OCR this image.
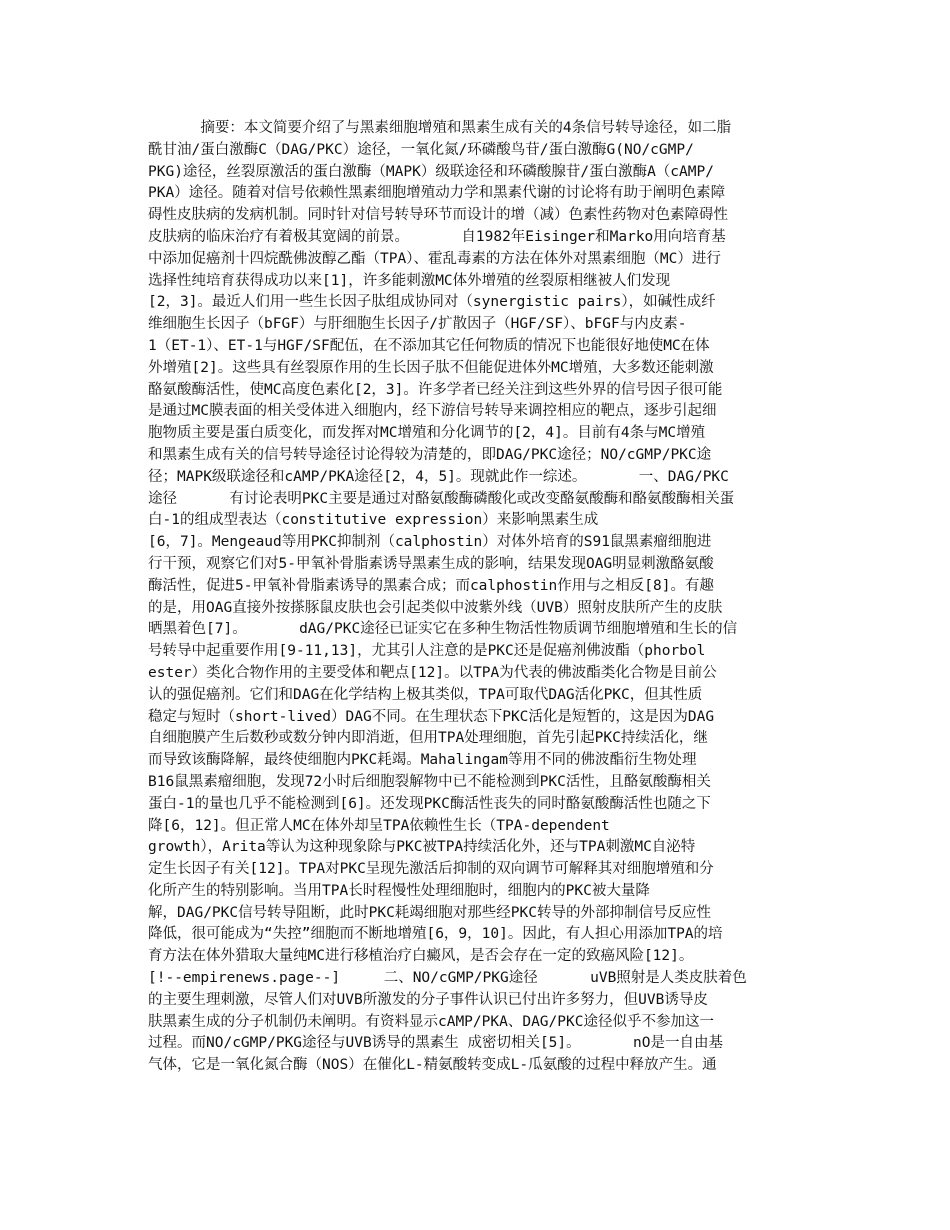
摘要：本文简要介绍了与黑素细胞增殖和黑素生成有关的4条信号转导途径，如二脂
酰甘油/蛋白激酶C（DAG/PKC）途径，一氧化氮/环磷酸鸟苷/蛋白激酶G(NO/cGMP/
PKG)途径，丝裂原激活的蛋白激酶（MAPK）级联途径和环磷酸腺苷/蛋白激酶A（cAMP/
PKA）途径。随着对信号依赖性黑素细胞增殖动力学和黑素代谢的讨论将有助于阐明色素障
碍性皮肤病的发病机制。同时针对信号转导环节而设计的增（减）色素性药物对色素障碍性
皮肤病的临床治疗有着极其宽阔的前景。      自1982年Eisinger和Marko用向培育基
中添加促癌剂十四烷酰佛波醇乙酯（TPA）、霍乱毒素的方法在体外对黑素细胞（MC）进行
选择性纯培育获得成功以来[1]，许多能刺激MC体外增殖的丝裂原相继被人们发现
[2，3]。最近人们用一些生长因子肽组成协同对（synergistic pairs），如碱性成纤
维细胞生长因子（bFGF）与肝细胞生长因子/扩散因子（HGF/SF）、bFGF与内皮素-
1（ET-1）、ET-1与HGF/SF配伍，在不添加其它任何物质的情况下也能很好地使MC在体
外增殖[2]。这些具有丝裂原作用的生长因子肽不但能促进体外MC增殖，大多数还能刺激
酪氨酸酶活性，使MC高度色素化[2，3]。许多学者已经关注到这些外界的信号因子很可能
是通过MC膜表面的相关受体进入细胞内，经下游信号转导来调控相应的靶点，逐步引起细
胞物质主要是蛋白质变化，而发挥对MC增殖和分化调节的[2，4]。目前有4条与MC增殖
和黑素生成有关的信号转导途径讨论得较为清楚的，即DAG/PKC途径；NO/cGMP/PKC途
径；MAPK级联途径和cAMP/PKA途径[2，4，5]。现就此作一综述。      一、DAG/PKC
途径      有讨论表明PKC主要是通过对酪氨酸酶磷酸化或改变酪氨酸酶和酪氨酸酶相关蛋
白-1的组成型表达（constitutive expression）来影响黑素生成
[6，7]。Mengeaud等用PKC抑制剂（calphostin）对体外培育的S91鼠黑素瘤细胞进
行干预，观察它们对5-甲氧补骨脂素诱导黑素生成的影响，结果发现OAG明显刺激酪氨酸
酶活性，促进5-甲氧补骨脂素诱导的黑素合成；而calphostin作用与之相反[8]。有趣
的是，用OAG直接外按搽豚鼠皮肤也会引起类似中波紫外线（UVB）照射皮肤所产生的皮肤
晒黑着色[7]。      dAG/PKC途径已证实它在多种生物活性物质调节细胞增殖和生长的信
号转导中起重要作用[9-11,13]，尤其引人注意的是PKC还是促癌剂佛波酯（phorbol
ester）类化合物作用的主要受体和靶点[12]。以TPA为代表的佛波酯类化合物是目前公
认的强促癌剂。它们和DAG在化学结构上极其类似，TPA可取代DAG活化PKC，但其性质
稳定与短时（short-lived）DAG不同。在生理状态下PKC活化是短暂的，这是因为DAG
自细胞膜产生后数秒或数分钟内即消逝，但用TPA处理细胞，首先引起PKC持续活化，继
而导致该酶降解，最终使细胞内PKC耗竭。Mahalingam等用不同的佛波酯衍生物处理
B16鼠黑素瘤细胞，发现72小时后细胞裂解物中已不能检测到PKC活性，且酪氨酸酶相关
蛋白-1的量也几乎不能检测到[6]。还发现PKC酶活性丧失的同时酪氨酸酶活性也随之下
降[6，12]。但正常人MC在体外却呈TPA依赖性生长（TPA-dependent
growth），Arita等认为这种现象除与PKC被TPA持续活化外，还与TPA刺激MC自泌特
定生长因子有关[12]。TPA对PKC呈现先激活后抑制的双向调节可解释其对细胞增殖和分
化所产生的特别影响。当用TPA长时程慢性处理细胞时，细胞内的PKC被大量降
解，DAG/PKC信号转导阻断，此时PKC耗竭细胞对那些经PKC转导的外部抑制信号反应性
降低，很可能成为“失控”细胞而不断地增殖[6，9，10]。因此，有人担心用添加TPA的培
育方法在体外猎取大量纯MC进行移植治疗白癜风，是否会存在一定的致癌风险[12]。
[!--empirenews.page--]     二、NO/cGMP/PKG途径      uVB照射是人类皮肤着色
的主要生理刺激，尽管人们对UVB所激发的分子事件认识已付出许多努力，但UVB诱导皮
肤黑素生成的分子机制仍未阐明。有资料显示cAMP/PKA、DAG/PKC途径似乎不参加这一
过程。而NO/cGMP/PKG途径与UVB诱导的黑素生 成密切相关[5]。      nO是一自由基
气体，它是一氧化氮合酶（NOS）在催化L-精氨酸转变成L-瓜氨酸的过程中释放产生。通
